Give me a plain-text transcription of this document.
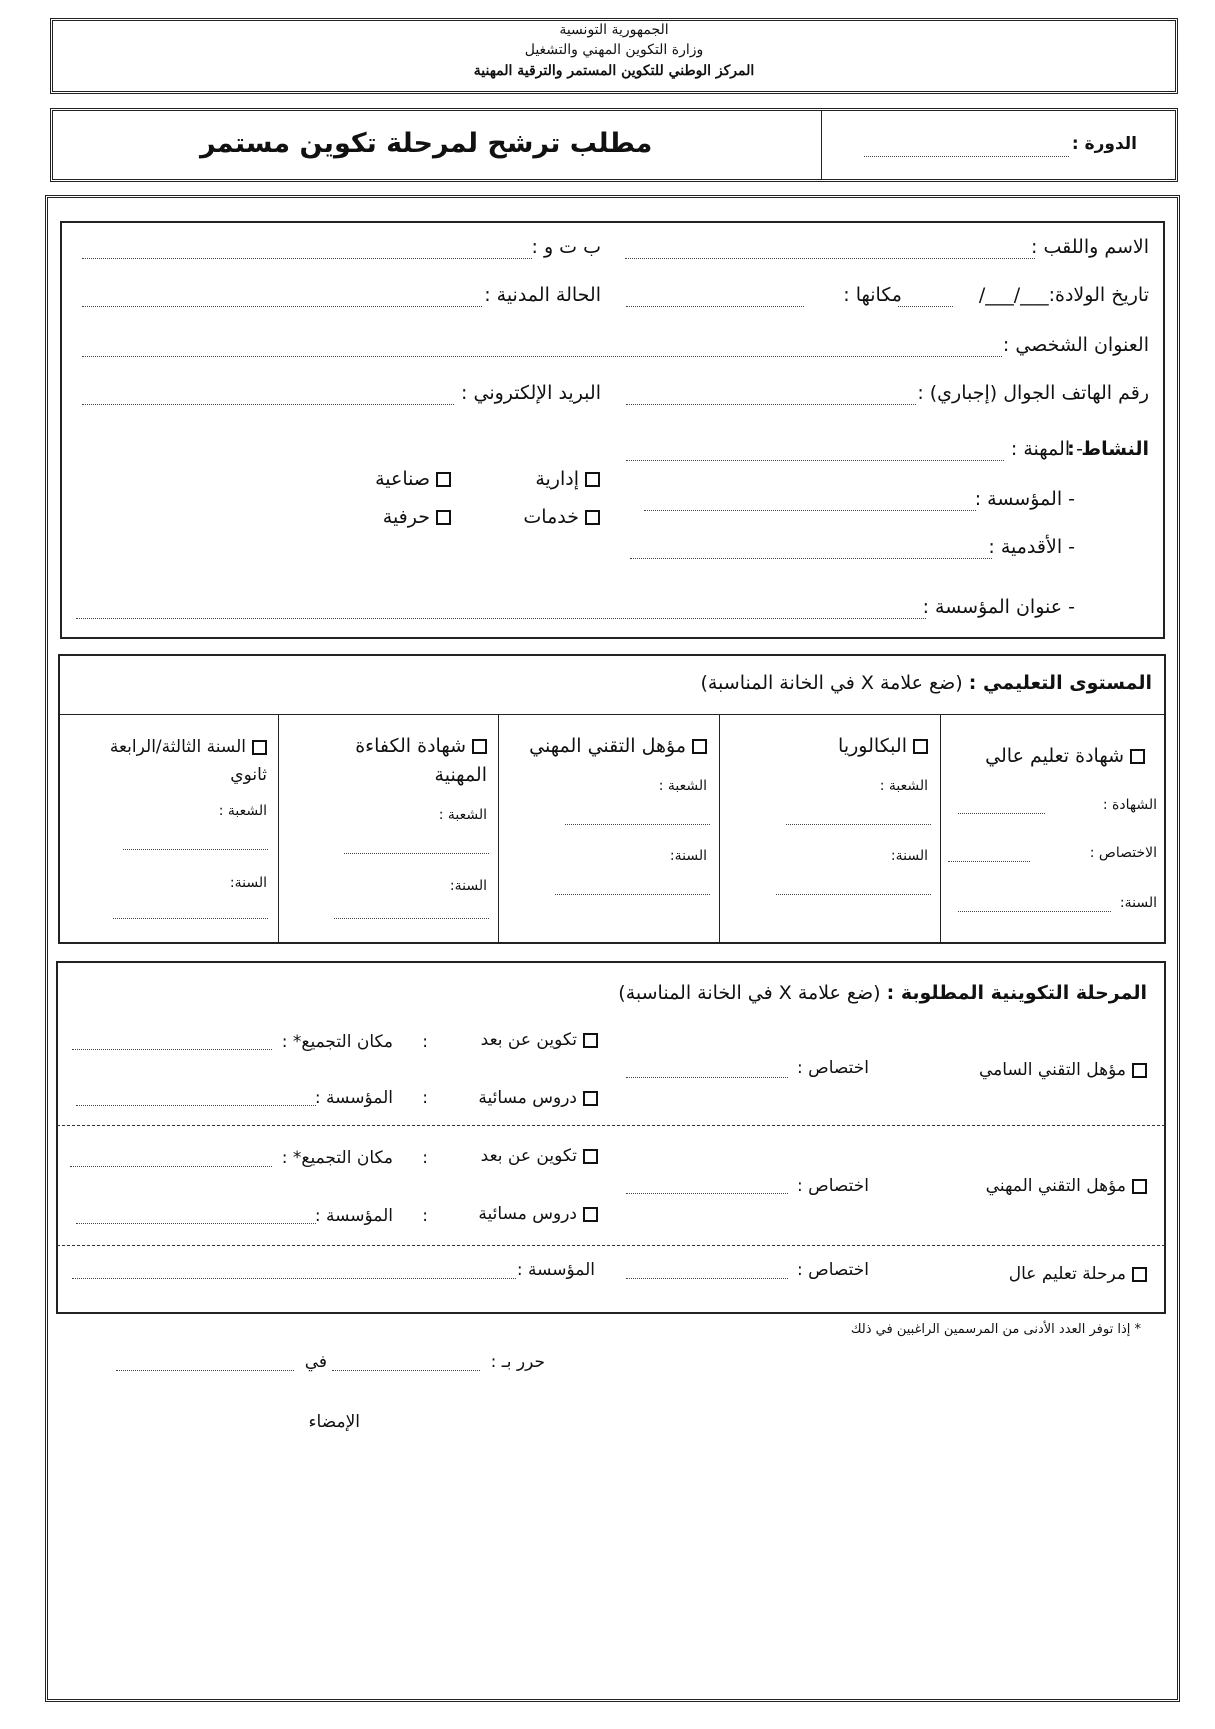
الجمهورية التونسية
وزارة التكوين المهني والتشغيل
المركز الوطني للتكوين المستمر والترقية المهنية
مطلب ترشح لمرحلة تكوين مستمر	الدورة :
الاسم واللقب :
ب ت و :
تاريخ الولادة:___/___/
مكانها :
الحالة المدنية :
العنوان الشخصي :
رقم الهاتف الجوال (إجباري) :
البريد الإلكتروني :
النشاط :
- المهنة :
- المؤسسة :
- الأقدمية :
- عنوان المؤسسة :
إدارية
صناعية
خدمات
حرفية
المستوى التعليمي : (ضع علامة X في الخانة المناسبة)
شهادة تعليم عالي
الشهادة :
الاختصاص :
السنة:
البكالوريا
الشعبة :
السنة:
مؤهل التقني المهني
الشعبة :
السنة:
شهادة الكفاءة
المهنية
الشعبة :
السنة:
السنة الثالثة/الرابعة
ثانوي
الشعبة :
السنة:
المرحلة التكوينية المطلوبة : (ضع علامة X في الخانة المناسبة)
مؤهل التقني السامي
اختصاص :
تكوين عن بعد
:
مكان التجميع* :
دروس مسائية
:
المؤسسة :
مؤهل التقني المهني
اختصاص :
تكوين عن بعد
:
مكان التجميع* :
دروس مسائية
:
المؤسسة :
مرحلة تعليم عال
اختصاص :
المؤسسة :
* إذا توفر العدد الأدنى من المرسمين الراغبين في ذلك
حرر بـ :
في
الإمضاء
